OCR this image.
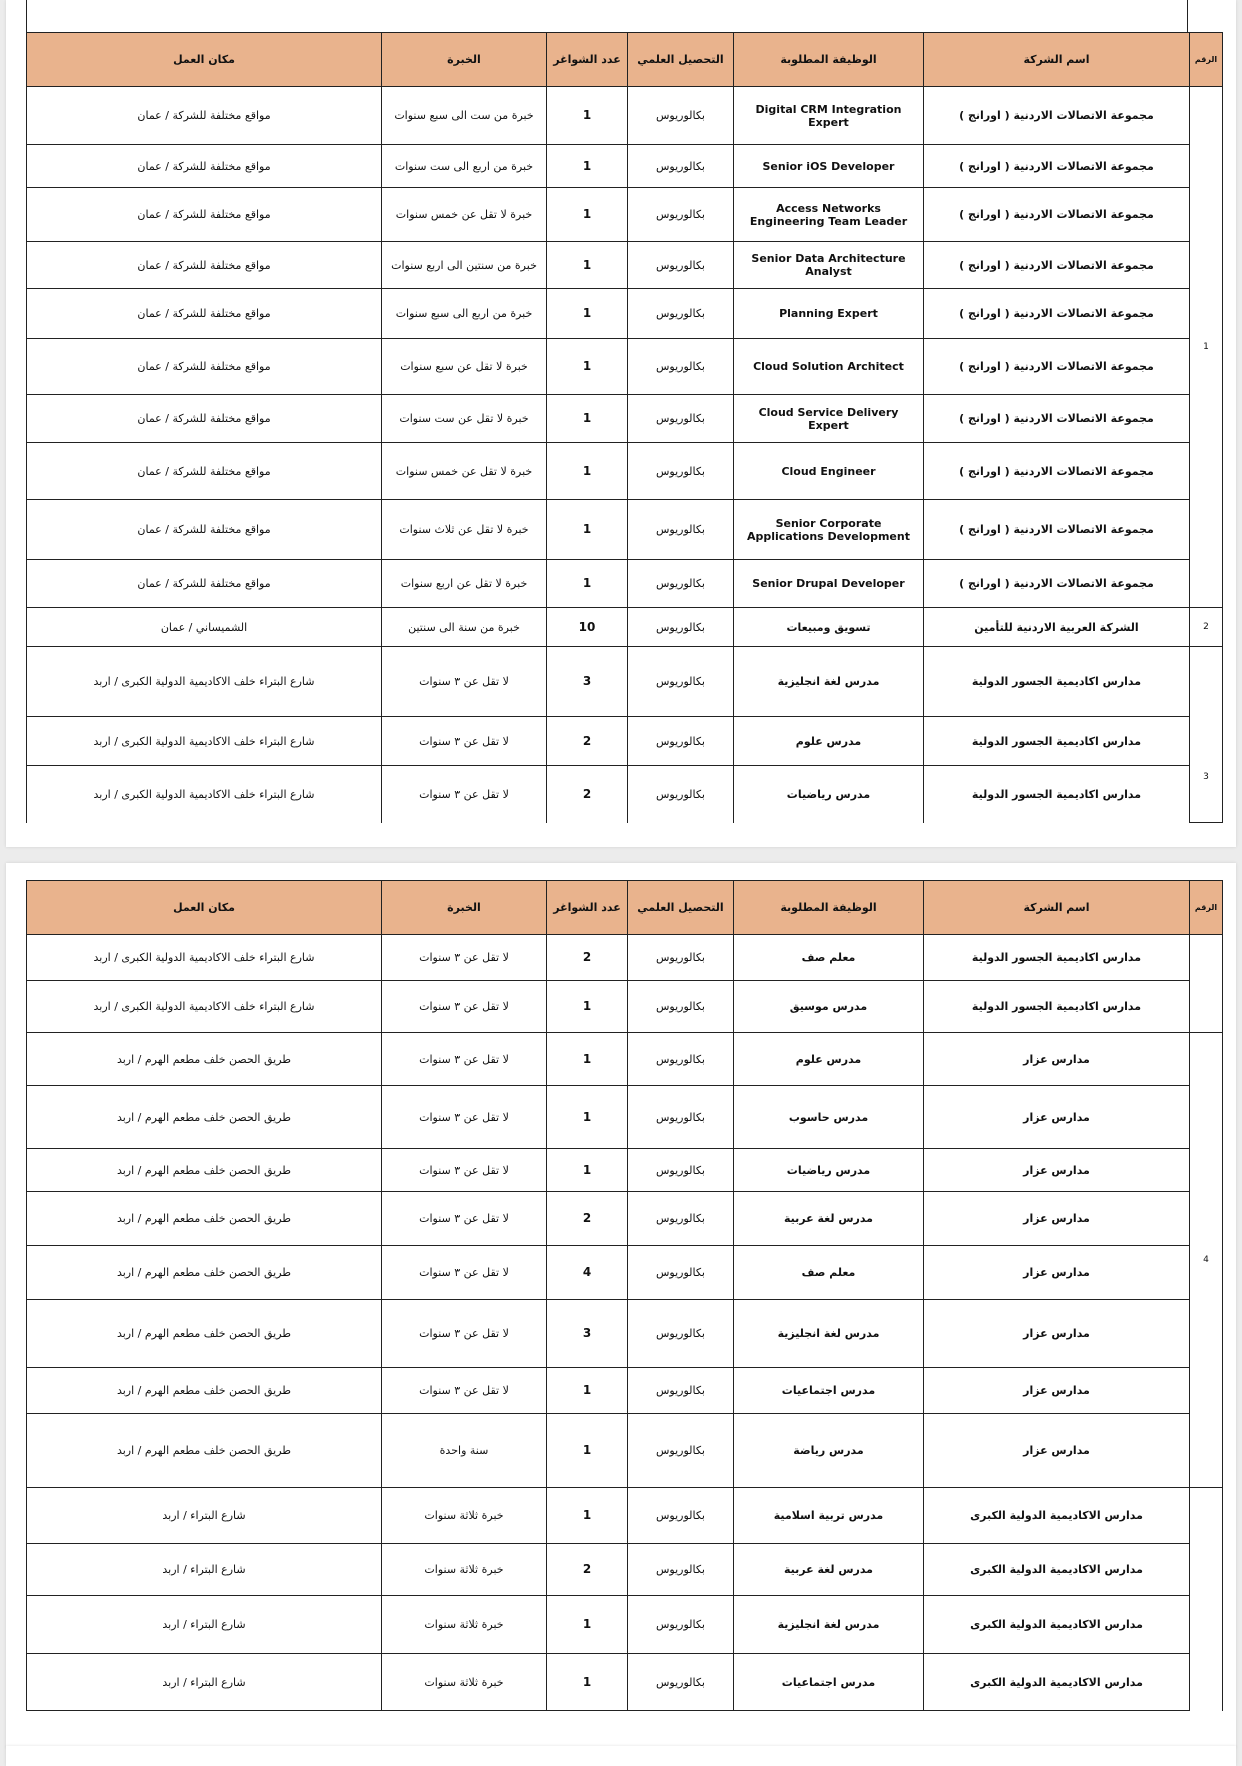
الرقم	اسم الشركة	الوظيفة المطلوبة	التحصيل العلمي	عدد الشواغر	الخبرة	مكان العمل
1	مجموعة الاتصالات الاردنية ( اورانج )	Digital CRM Integration Expert	بكالوريوس	1	خبرة من ست الى سبع سنوات	مواقع مختلفة للشركة / عمان
	مجموعة الاتصالات الاردنية ( اورانج )	Senior iOS Developer	بكالوريوس	1	خبرة من اربع الى ست سنوات	مواقع مختلفة للشركة / عمان
	مجموعة الاتصالات الاردنية ( اورانج )	Access Networks Engineering Team Leader	بكالوريوس	1	خبرة لا تقل عن خمس سنوات	مواقع مختلفة للشركة / عمان
	مجموعة الاتصالات الاردنية ( اورانج )	Senior Data Architecture Analyst	بكالوريوس	1	خبرة من سنتين الى اربع سنوات	مواقع مختلفة للشركة / عمان
	مجموعة الاتصالات الاردنية ( اورانج )	Planning Expert	بكالوريوس	1	خبرة من اربع الى سبع سنوات	مواقع مختلفة للشركة / عمان
	مجموعة الاتصالات الاردنية ( اورانج )	Cloud Solution Architect	بكالوريوس	1	خبرة لا تقل عن سبع سنوات	مواقع مختلفة للشركة / عمان
	مجموعة الاتصالات الاردنية ( اورانج )	Cloud Service Delivery Expert	بكالوريوس	1	خبرة لا تقل عن ست سنوات	مواقع مختلفة للشركة / عمان
	مجموعة الاتصالات الاردنية ( اورانج )	Cloud Engineer	بكالوريوس	1	خبرة لا تقل عن خمس سنوات	مواقع مختلفة للشركة / عمان
	مجموعة الاتصالات الاردنية ( اورانج )	Senior Corporate Applications Development	بكالوريوس	1	خبرة لا تقل عن ثلاث سنوات	مواقع مختلفة للشركة / عمان
	مجموعة الاتصالات الاردنية ( اورانج )	Senior Drupal Developer	بكالوريوس	1	خبرة لا تقل عن اربع سنوات	مواقع مختلفة للشركة / عمان
2	الشركة العربية الاردنية للتأمين	تسويق ومبيعات	بكالوريوس	10	خبرة من سنة الى سنتين	الشميساني / عمان
3	مدارس اكاديمية الجسور الدولية	مدرس لغة انجليزية	بكالوريوس	3	لا تقل عن ٣ سنوات	شارع البتراء خلف الاكاديمية الدولية الكبرى / اربد
	مدارس اكاديمية الجسور الدولية	مدرس علوم	بكالوريوس	2	لا تقل عن ٣ سنوات	شارع البتراء خلف الاكاديمية الدولية الكبرى / اربد
	مدارس اكاديمية الجسور الدولية	مدرس رياضيات	بكالوريوس	2	لا تقل عن ٣ سنوات	شارع البتراء خلف الاكاديمية الدولية الكبرى / اربد
الرقم	اسم الشركة	الوظيفة المطلوبة	التحصيل العلمي	عدد الشواغر	الخبرة	مكان العمل
	مدارس اكاديمية الجسور الدولية	معلم صف	بكالوريوس	2	لا تقل عن ٣ سنوات	شارع البتراء خلف الاكاديمية الدولية الكبرى / اربد
	مدارس اكاديمية الجسور الدولية	مدرس موسيق	بكالوريوس	1	لا تقل عن ٣ سنوات	شارع البتراء خلف الاكاديمية الدولية الكبرى / اربد
4	مدارس عزار	مدرس علوم	بكالوريوس	1	لا تقل عن ٣ سنوات	طريق الحصن خلف مطعم الهرم / اربد
	مدارس عزار	مدرس حاسوب	بكالوريوس	1	لا تقل عن ٣ سنوات	طريق الحصن خلف مطعم الهرم / اربد
	مدارس عزار	مدرس رياضيات	بكالوريوس	1	لا تقل عن ٣ سنوات	طريق الحصن خلف مطعم الهرم / اربد
	مدارس عزار	مدرس لغة عربية	بكالوريوس	2	لا تقل عن ٣ سنوات	طريق الحصن خلف مطعم الهرم / اربد
	مدارس عزار	معلم صف	بكالوريوس	4	لا تقل عن ٣ سنوات	طريق الحصن خلف مطعم الهرم / اربد
	مدارس عزار	مدرس لغة انجليزية	بكالوريوس	3	لا تقل عن ٣ سنوات	طريق الحصن خلف مطعم الهرم / اربد
	مدارس عزار	مدرس اجتماعيات	بكالوريوس	1	لا تقل عن ٣ سنوات	طريق الحصن خلف مطعم الهرم / اربد
	مدارس عزار	مدرس رياضة	بكالوريوس	1	سنة واحدة	طريق الحصن خلف مطعم الهرم / اربد
	مدارس الاكاديمية الدولية الكبرى	مدرس تربية اسلامية	بكالوريوس	1	خبرة ثلاثة سنوات	شارع البتراء / اربد
	مدارس الاكاديمية الدولية الكبرى	مدرس لغة عربية	بكالوريوس	2	خبرة ثلاثة سنوات	شارع البتراء / اربد
	مدارس الاكاديمية الدولية الكبرى	مدرس لغة انجليزية	بكالوريوس	1	خبرة ثلاثة سنوات	شارع البتراء / اربد
	مدارس الاكاديمية الدولية الكبرى	مدرس اجتماعيات	بكالوريوس	1	خبرة ثلاثة سنوات	شارع البتراء / اربد
